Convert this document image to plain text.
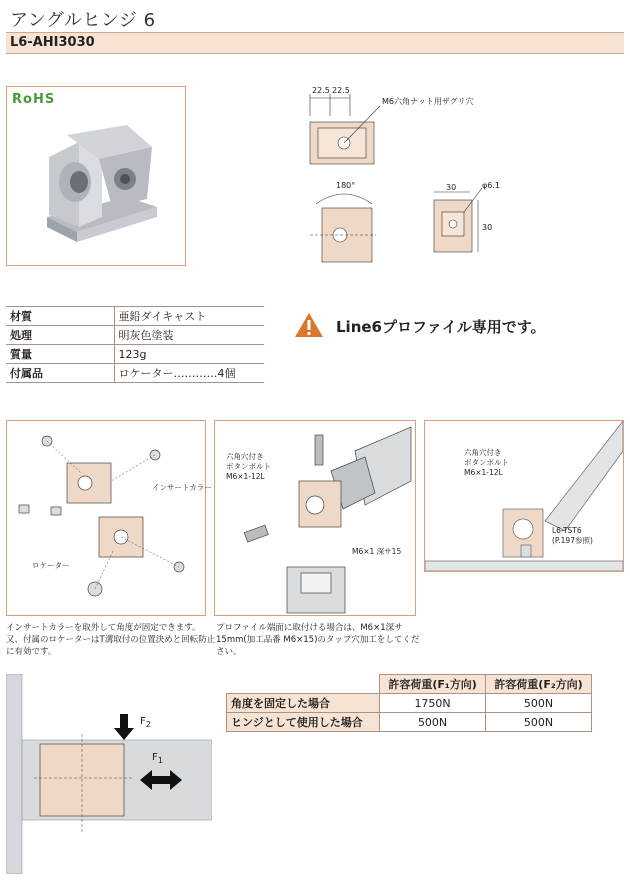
アングルヒンジ 6
L6-AHI3030
RoHS
22.5 22.5
M6六角ナット用ザグリ穴
180°	30	φ6.1
30
材質	亜鉛ダイキャスト
処理	明灰色塗装
質量	123g
付属品	ロケーター…………4個
Line6プロファイル専用です。
インサートカラー
ロケーター
インサートカラーを取外して角度が固定できます。又、付属のロケーターはT溝取付の位置決めと回転防止に有効です。
六角穴付き
ボタンボルト
M6×1-12L
M6×1 深サ15
プロファイル端面に取付ける場合は、M6×1深サ15mm(加工品番 M6×15)のタップ穴加工をしてください。
六角穴付き
ボタンボルト
M6×1-12L
L6-TST6
(P.197参照)
$F_2$
$F_1$
	許容荷重(F₁方向)	許容荷重(F₂方向)
角度を固定した場合	1750N	500N
ヒンジとして使用した場合	500N	500N
